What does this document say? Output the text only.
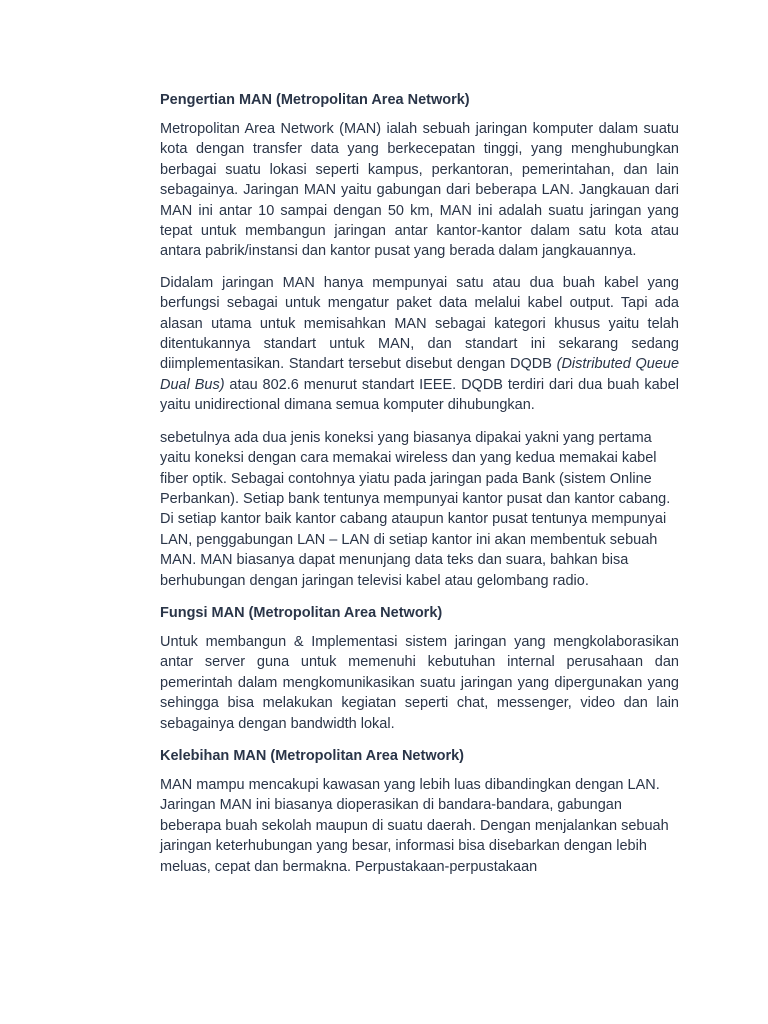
Pengertian MAN (Metropolitan Area Network)

Metropolitan Area Network (MAN) ialah sebuah jaringan komputer dalam suatu kota dengan transfer data yang berkecepatan tinggi, yang menghubungkan berbagai suatu lokasi seperti kampus, perkantoran, pemerintahan, dan lain sebagainya. Jaringan MAN yaitu gabungan dari beberapa LAN. Jangkauan dari MAN ini antar 10 sampai dengan 50 km, MAN ini adalah suatu jaringan yang tepat untuk membangun jaringan antar kantor-kantor dalam satu kota atau antara pabrik/instansi dan kantor pusat yang berada dalam jangkauannya.

Didalam jaringan MAN hanya mempunyai satu atau dua buah kabel yang berfungsi sebagai untuk mengatur paket data melalui kabel output. Tapi ada alasan utama untuk memisahkan MAN sebagai kategori khusus yaitu telah ditentukannya standart untuk MAN, dan standart ini sekarang sedang diimplementasikan. Standart tersebut disebut dengan DQDB (Distributed Queue Dual Bus) atau 802.6 menurut standart IEEE. DQDB terdiri dari dua buah kabel yaitu unidirectional dimana semua komputer dihubungkan.

sebetulnya ada dua jenis koneksi yang biasanya dipakai yakni yang pertama yaitu koneksi dengan cara memakai wireless dan yang kedua memakai kabel fiber optik. Sebagai contohnya yiatu pada jaringan pada Bank (sistem Online Perbankan). Setiap bank tentunya mempunyai kantor pusat dan kantor cabang. Di setiap kantor baik kantor cabang ataupun kantor pusat tentunya mempunyai LAN, penggabungan LAN – LAN di setiap kantor ini akan membentuk sebuah MAN. MAN biasanya dapat menunjang data teks dan suara, bahkan bisa berhubungan dengan jaringan televisi kabel atau gelombang radio.

Fungsi MAN (Metropolitan Area Network)

Untuk membangun & Implementasi sistem jaringan yang mengkolaborasikan antar server guna untuk memenuhi kebutuhan internal perusahaan dan pemerintah dalam mengkomunikasikan suatu jaringan yang dipergunakan yang sehingga bisa melakukan kegiatan seperti chat, messenger, video dan lain sebagainya dengan bandwidth lokal.

Kelebihan MAN (Metropolitan Area Network)

MAN mampu mencakupi kawasan yang lebih luas dibandingkan dengan LAN. Jaringan MAN ini biasanya dioperasikan di bandara-bandara, gabungan beberapa buah sekolah maupun di suatu daerah. Dengan menjalankan sebuah jaringan keterhubungan yang besar, informasi bisa disebarkan dengan lebih meluas, cepat dan bermakna. Perpustakaan-perpustakaan
